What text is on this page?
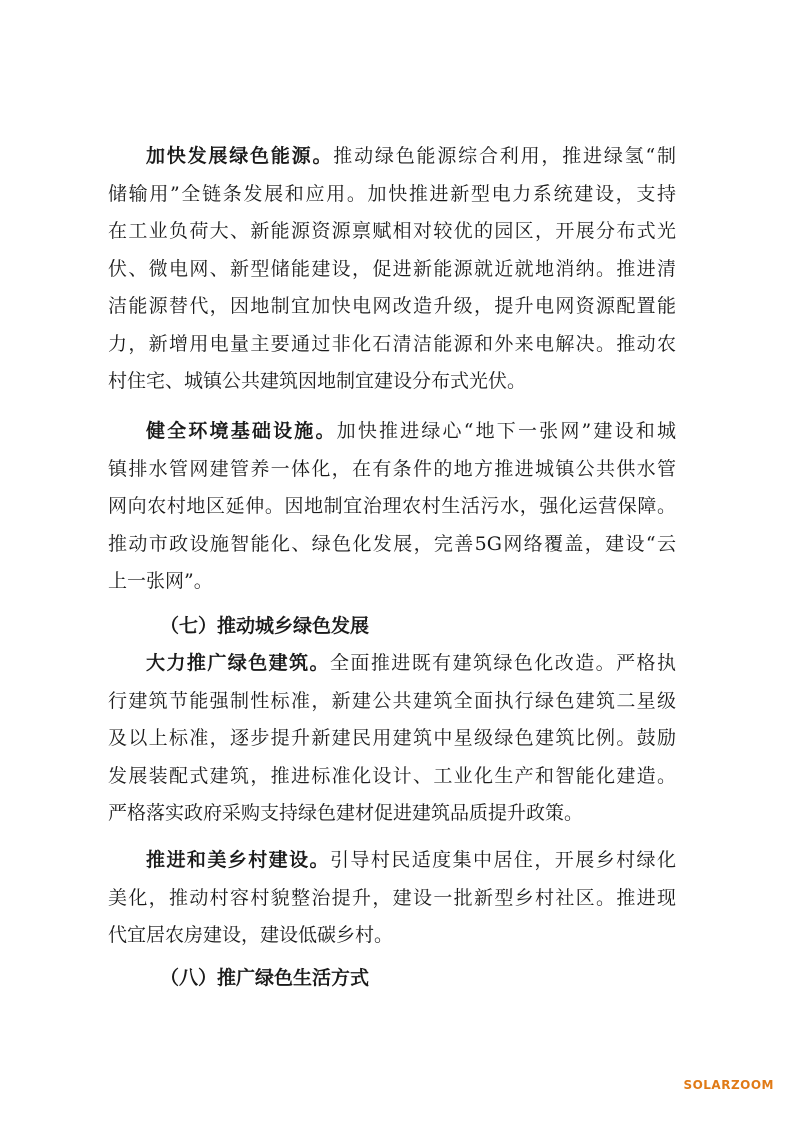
加快发展绿色能源。推动绿色能源综合利用，推进绿氢“制
储输用”全链条发展和应用。加快推进新型电力系统建设，支持
在工业负荷大、新能源资源禀赋相对较优的园区，开展分布式光
伏、微电网、新型储能建设，促进新能源就近就地消纳。推进清
洁能源替代，因地制宜加快电网改造升级，提升电网资源配置能
力，新增用电量主要通过非化石清洁能源和外来电解决。推动农
村住宅、城镇公共建筑因地制宜建设分布式光伏。
健全环境基础设施。加快推进绿心“地下一张网”建设和城
镇排水管网建管养一体化，在有条件的地方推进城镇公共供水管
网向农村地区延伸。因地制宜治理农村生活污水，强化运营保障。
推动市政设施智能化、绿色化发展，完善5G网络覆盖，建设“云
上一张网”。
（七）推动城乡绿色发展
大力推广绿色建筑。全面推进既有建筑绿色化改造。严格执
行建筑节能强制性标准，新建公共建筑全面执行绿色建筑二星级
及以上标准，逐步提升新建民用建筑中星级绿色建筑比例。鼓励
发展装配式建筑，推进标准化设计、工业化生产和智能化建造。
严格落实政府采购支持绿色建材促进建筑品质提升政策。
推进和美乡村建设。引导村民适度集中居住，开展乡村绿化
美化，推动村容村貌整治提升，建设一批新型乡村社区。推进现
代宜居农房建设，建设低碳乡村。
（八）推广绿色生活方式
SOLARZOOM
